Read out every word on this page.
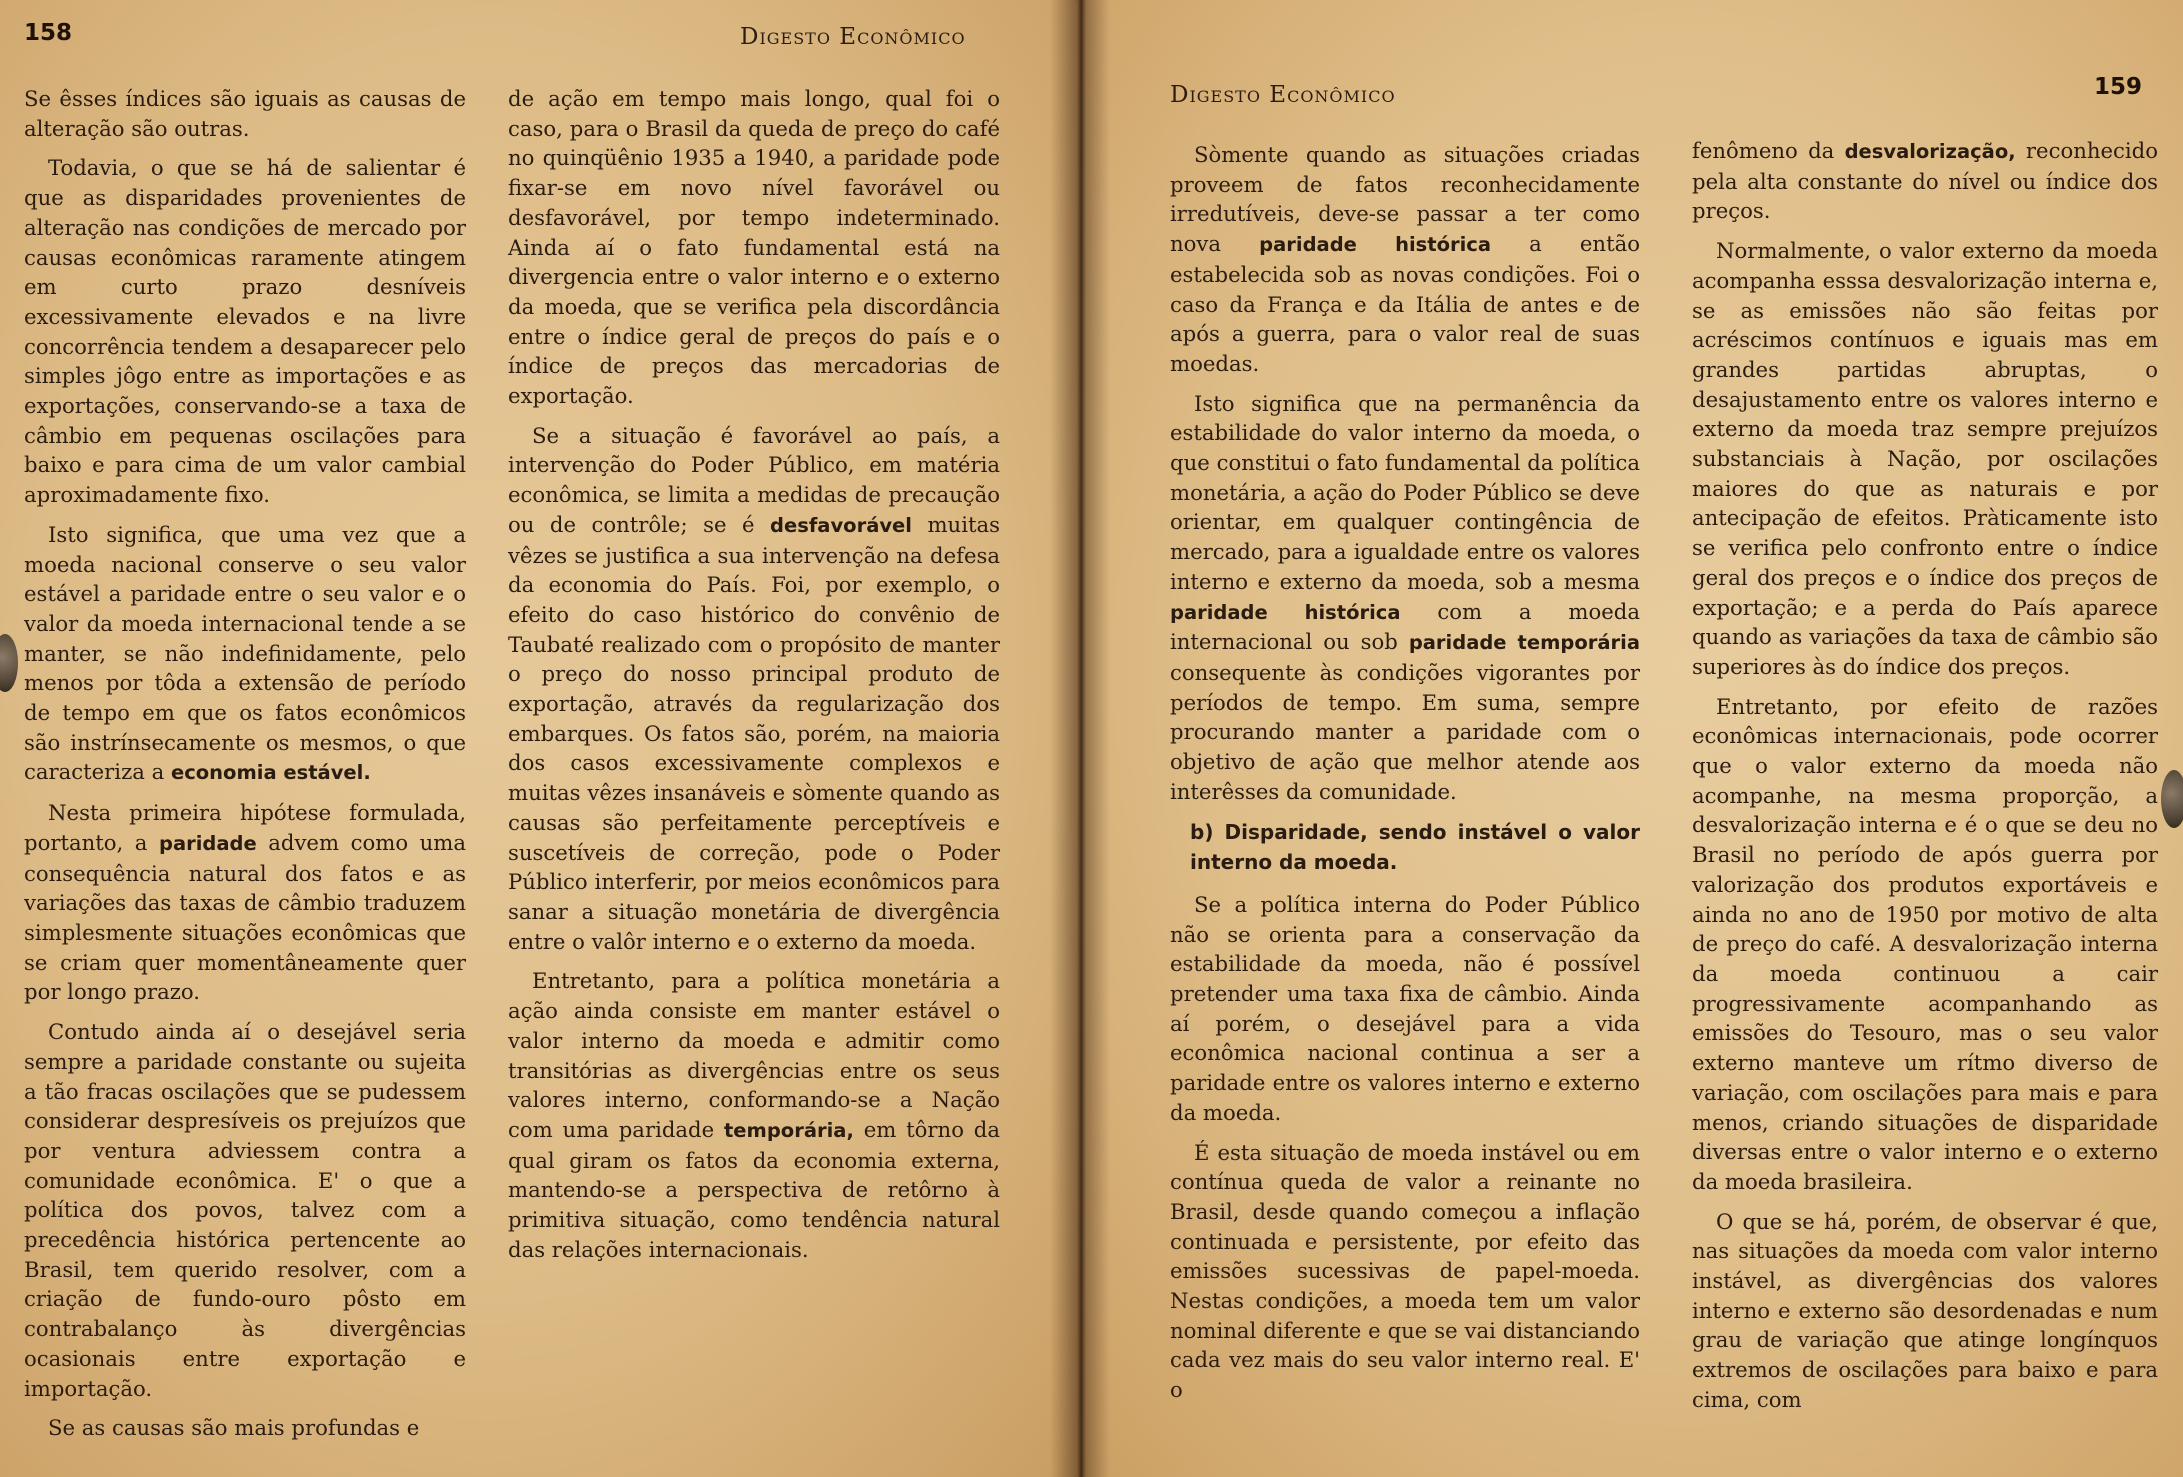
158	Digesto Econômico

Se êsses índices são iguais as causas de alteração são outras.

Todavia, o que se há de salientar é que as disparidades provenientes de alteração nas condições de mercado por causas econômicas raramente atingem em curto prazo desníveis excessivamente elevados e na livre concorrência tendem a desaparecer pelo simples jôgo entre as importações e as exportações, conservando-se a taxa de câmbio em pequenas oscilações para baixo e para cima de um valor cambial aproximadamente fixo.

Isto significa, que uma vez que a moeda nacional conserve o seu valor estável a paridade entre o seu valor e o valor da moeda internacional tende a se manter, se não indefinidamente, pelo menos por tôda a extensão de período de tempo em que os fatos econômicos são instrínsecamente os mesmos, o que caracteriza a economia estável.

Nesta primeira hipótese formulada, portanto, a paridade advem como uma consequência natural dos fatos e as variações das taxas de câmbio traduzem simplesmente situações econômicas que se criam quer momentâneamente quer por longo prazo.

Contudo ainda aí o desejável seria sempre a paridade constante ou sujeita a tão fracas oscilações que se pudessem considerar despresíveis os prejuízos que por ventura adviessem contra a comunidade econômica. E' o que a política dos povos, talvez com a precedência histórica pertencente ao Brasil, tem querido resolver, com a criação de fundo-ouro pôsto em contrabalanço às divergências ocasionais entre exportação e importação.

Se as causas são mais profundas e

de ação em tempo mais longo, qual foi o caso, para o Brasil da queda de preço do café no quinqüênio 1935 a 1940, a paridade pode fixar-se em novo nível favorável ou desfavorável, por tempo indeterminado. Ainda aí o fato fundamental está na divergencia entre o valor interno e o externo da moeda, que se verifica pela discordância entre o índice geral de preços do país e o índice de preços das mercadorias de exportação.

Se a situação é favorável ao país, a intervenção do Poder Público, em matéria econômica, se limita a medidas de precaução ou de contrôle; se é desfavorável muitas vêzes se justifica a sua intervenção na defesa da economia do País. Foi, por exemplo, o efeito do caso histórico do convênio de Taubaté realizado com o propósito de manter o preço do nosso principal produto de exportação, através da regularização dos embarques. Os fatos são, porém, na maioria dos casos excessivamente complexos e muitas vêzes insanáveis e sòmente quando as causas são perfeitamente perceptíveis e suscetíveis de correção, pode o Poder Público interferir, por meios econômicos para sanar a situação monetária de divergência entre o valôr interno e o externo da moeda.

Entretanto, para a política monetária a ação ainda consiste em manter estável o valor interno da moeda e admitir como transitórias as divergências entre os seus valores interno, conformando-se a Nação com uma paridade temporária, em tôrno da qual giram os fatos da economia externa, mantendo-se a perspectiva de retôrno à primitiva situação, como tendência natural das relações internacionais.

Digesto Econômico	159

Sòmente quando as situações criadas proveem de fatos reconhecidamente irredutíveis, deve-se passar a ter como nova paridade histórica a então estabelecida sob as novas condições. Foi o caso da França e da Itália de antes e de após a guerra, para o valor real de suas moedas.

Isto significa que na permanência da estabilidade do valor interno da moeda, o que constitui o fato fundamental da política monetária, a ação do Poder Público se deve orientar, em qualquer contingência de mercado, para a igualdade entre os valores interno e externo da moeda, sob a mesma paridade histórica com a moeda internacional ou sob paridade temporária consequente às condições vigorantes por períodos de tempo. Em suma, sempre procurando manter a paridade com o objetivo de ação que melhor atende aos interêsses da comunidade.

b) Disparidade, sendo instável o valor interno da moeda.

Se a política interna do Poder Público não se orienta para a conservação da estabilidade da moeda, não é possível pretender uma taxa fixa de câmbio. Ainda aí porém, o desejável para a vida econômica nacional continua a ser a paridade entre os valores interno e externo da moeda.

É esta situação de moeda instável ou em contínua queda de valor a reinante no Brasil, desde quando começou a inflação continuada e persistente, por efeito das emissões sucessivas de papel-moeda. Nestas condições, a moeda tem um valor nominal diferente e que se vai distanciando cada vez mais do seu valor interno real. E' o

fenômeno da desvalorização, reconhecido pela alta constante do nível ou índice dos preços.

Normalmente, o valor externo da moeda acompanha esssa desvalorização interna e, se as emissões não são feitas por acréscimos contínuos e iguais mas em grandes partidas abruptas, o desajustamento entre os valores interno e externo da moeda traz sempre prejuízos substanciais à Nação, por oscilações maiores do que as naturais e por antecipação de efeitos. Pràticamente isto se verifica pelo confronto entre o índice geral dos preços e o índice dos preços de exportação; e a perda do País aparece quando as variações da taxa de câmbio são superiores às do índice dos preços.

Entretanto, por efeito de razões econômicas internacionais, pode ocorrer que o valor externo da moeda não acompanhe, na mesma proporção, a desvalorização interna e é o que se deu no Brasil no período de após guerra por valorização dos produtos exportáveis e ainda no ano de 1950 por motivo de alta de preço do café. A desvalorização interna da moeda continuou a cair progressivamente acompanhando as emissões do Tesouro, mas o seu valor externo manteve um rítmo diverso de variação, com oscilações para mais e para menos, criando situações de disparidade diversas entre o valor interno e o externo da moeda brasileira.

O que se há, porém, de observar é que, nas situações da moeda com valor interno instável, as divergências dos valores interno e externo são desordenadas e num grau de variação que atinge longínquos extremos de oscilações para baixo e para cima, com
